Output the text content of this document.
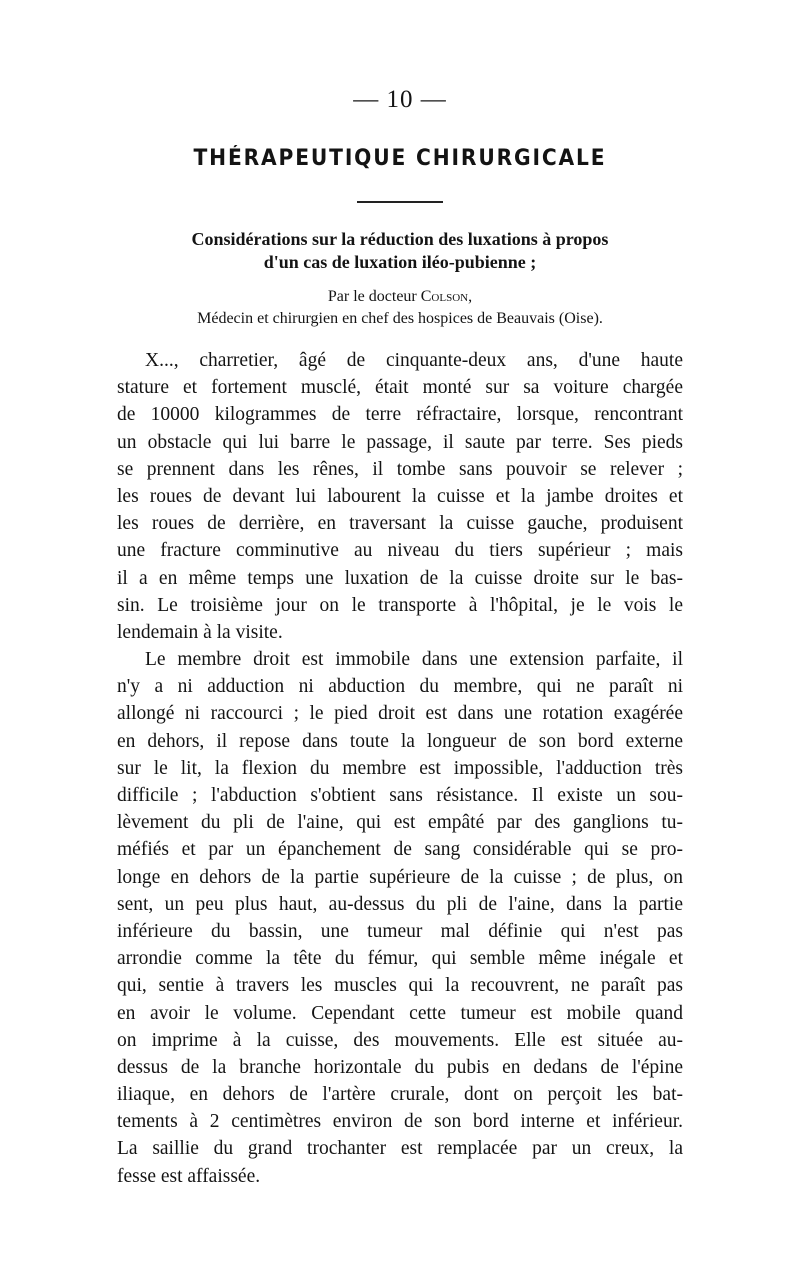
— 10 —
THÉRAPEUTIQUE CHIRURGICALE
Considérations sur la réduction des luxations à propos
d'un cas de luxation iléo-pubienne ;
Par le docteur Colson,
Médecin et chirurgien en chef des hospices de Beauvais (Oise).
X..., charretier, âgé de cinquante-deux ans, d'une haute
stature et fortement musclé, était monté sur sa voiture chargée
de 10000 kilogrammes de terre réfractaire, lorsque, rencontrant
un obstacle qui lui barre le passage, il saute par terre. Ses pieds
se prennent dans les rênes, il tombe sans pouvoir se relever ;
les roues de devant lui labourent la cuisse et la jambe droites et
les roues de derrière, en traversant la cuisse gauche, produisent
une fracture comminutive au niveau du tiers supérieur ; mais
il a en même temps une luxation de la cuisse droite sur le bas-
sin. Le troisième jour on le transporte à l'hôpital, je le vois le
lendemain à la visite.
Le membre droit est immobile dans une extension parfaite, il
n'y a ni adduction ni abduction du membre, qui ne paraît ni
allongé ni raccourci ; le pied droit est dans une rotation exagérée
en dehors, il repose dans toute la longueur de son bord externe
sur le lit, la flexion du membre est impossible, l'adduction très
difficile ; l'abduction s'obtient sans résistance. Il existe un sou-
lèvement du pli de l'aine, qui est empâté par des ganglions tu-
méfiés et par un épanchement de sang considérable qui se pro-
longe en dehors de la partie supérieure de la cuisse ; de plus, on
sent, un peu plus haut, au-dessus du pli de l'aine, dans la partie
inférieure du bassin, une tumeur mal définie qui n'est pas
arrondie comme la tête du fémur, qui semble même inégale et
qui, sentie à travers les muscles qui la recouvrent, ne paraît pas
en avoir le volume. Cependant cette tumeur est mobile quand
on imprime à la cuisse, des mouvements. Elle est située au-
dessus de la branche horizontale du pubis en dedans de l'épine
iliaque, en dehors de l'artère crurale, dont on perçoit les bat-
tements à 2 centimètres environ de son bord interne et inférieur.
La saillie du grand trochanter est remplacée par un creux, la
fesse est affaissée.
